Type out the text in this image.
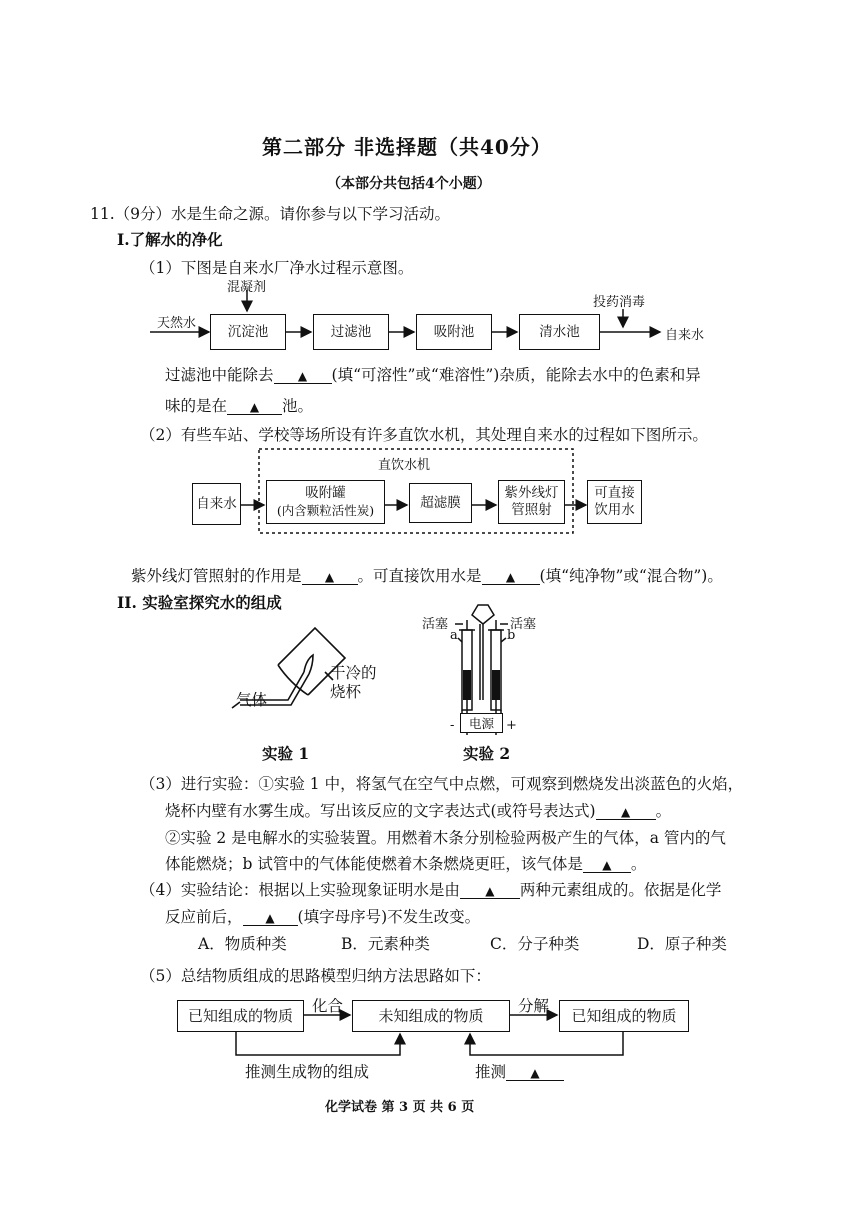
第二部分 非选择题（共40分）
（本部分共包括4个小题）
11.（9分）水是生命之源。请你参与以下学习活动。
I.了解水的净化
（1）下图是自来水厂净水过程示意图。
混凝剂
天然水	沉淀池	过滤池	吸附池	清水池
投药消毒
自来水
过滤池中能除去 ▲ (填“可溶性”或“难溶性”)杂质，能除去水中的色素和异
味的是在 ▲ 池。
（2）有些车站、学校等场所设有许多直饮水机，其处理自来水的过程如下图所示。
直饮水机
自来水
吸附罐
(内含颗粒活性炭)	超滤膜
紫外线灯
管照射
可直接
饮用水
紫外线灯管照射的作用是 ▲ 。可直接饮用水是 ▲ (填“纯净物”或“混合物”)。
II. 实验室探究水的组成
气体
干冷的
烧杯
实验 1
活塞	活塞
a	b
电源
-	+
实验 2
（3）进行实验：①实验 1 中，将氢气在空气中点燃，可观察到燃烧发出淡蓝色的火焰，
烧杯内壁有水雾生成。写出该反应的文字表达式(或符号表达式) ▲ 。
②实验 2 是电解水的实验装置。用燃着木条分别检验两极产生的气体，a 管内的气
体能燃烧；b 试管中的气体能使燃着木条燃烧更旺，该气体是 ▲ 。
（4）实验结论：根据以上实验现象证明水是由 ▲ 两种元素组成的。依据是化学
反应前后， ▲ (填字母序号)不发生改变。
A．物质种类	B．元素种类	C．分子种类	D．原子种类
（5）总结物质组成的思路模型归纳方法思路如下：
已知组成的物质
化合
未知组成的物质
分解
已知组成的物质
推测生成物的组成	推测 ▲
化学试卷 第 3 页 共 6 页
